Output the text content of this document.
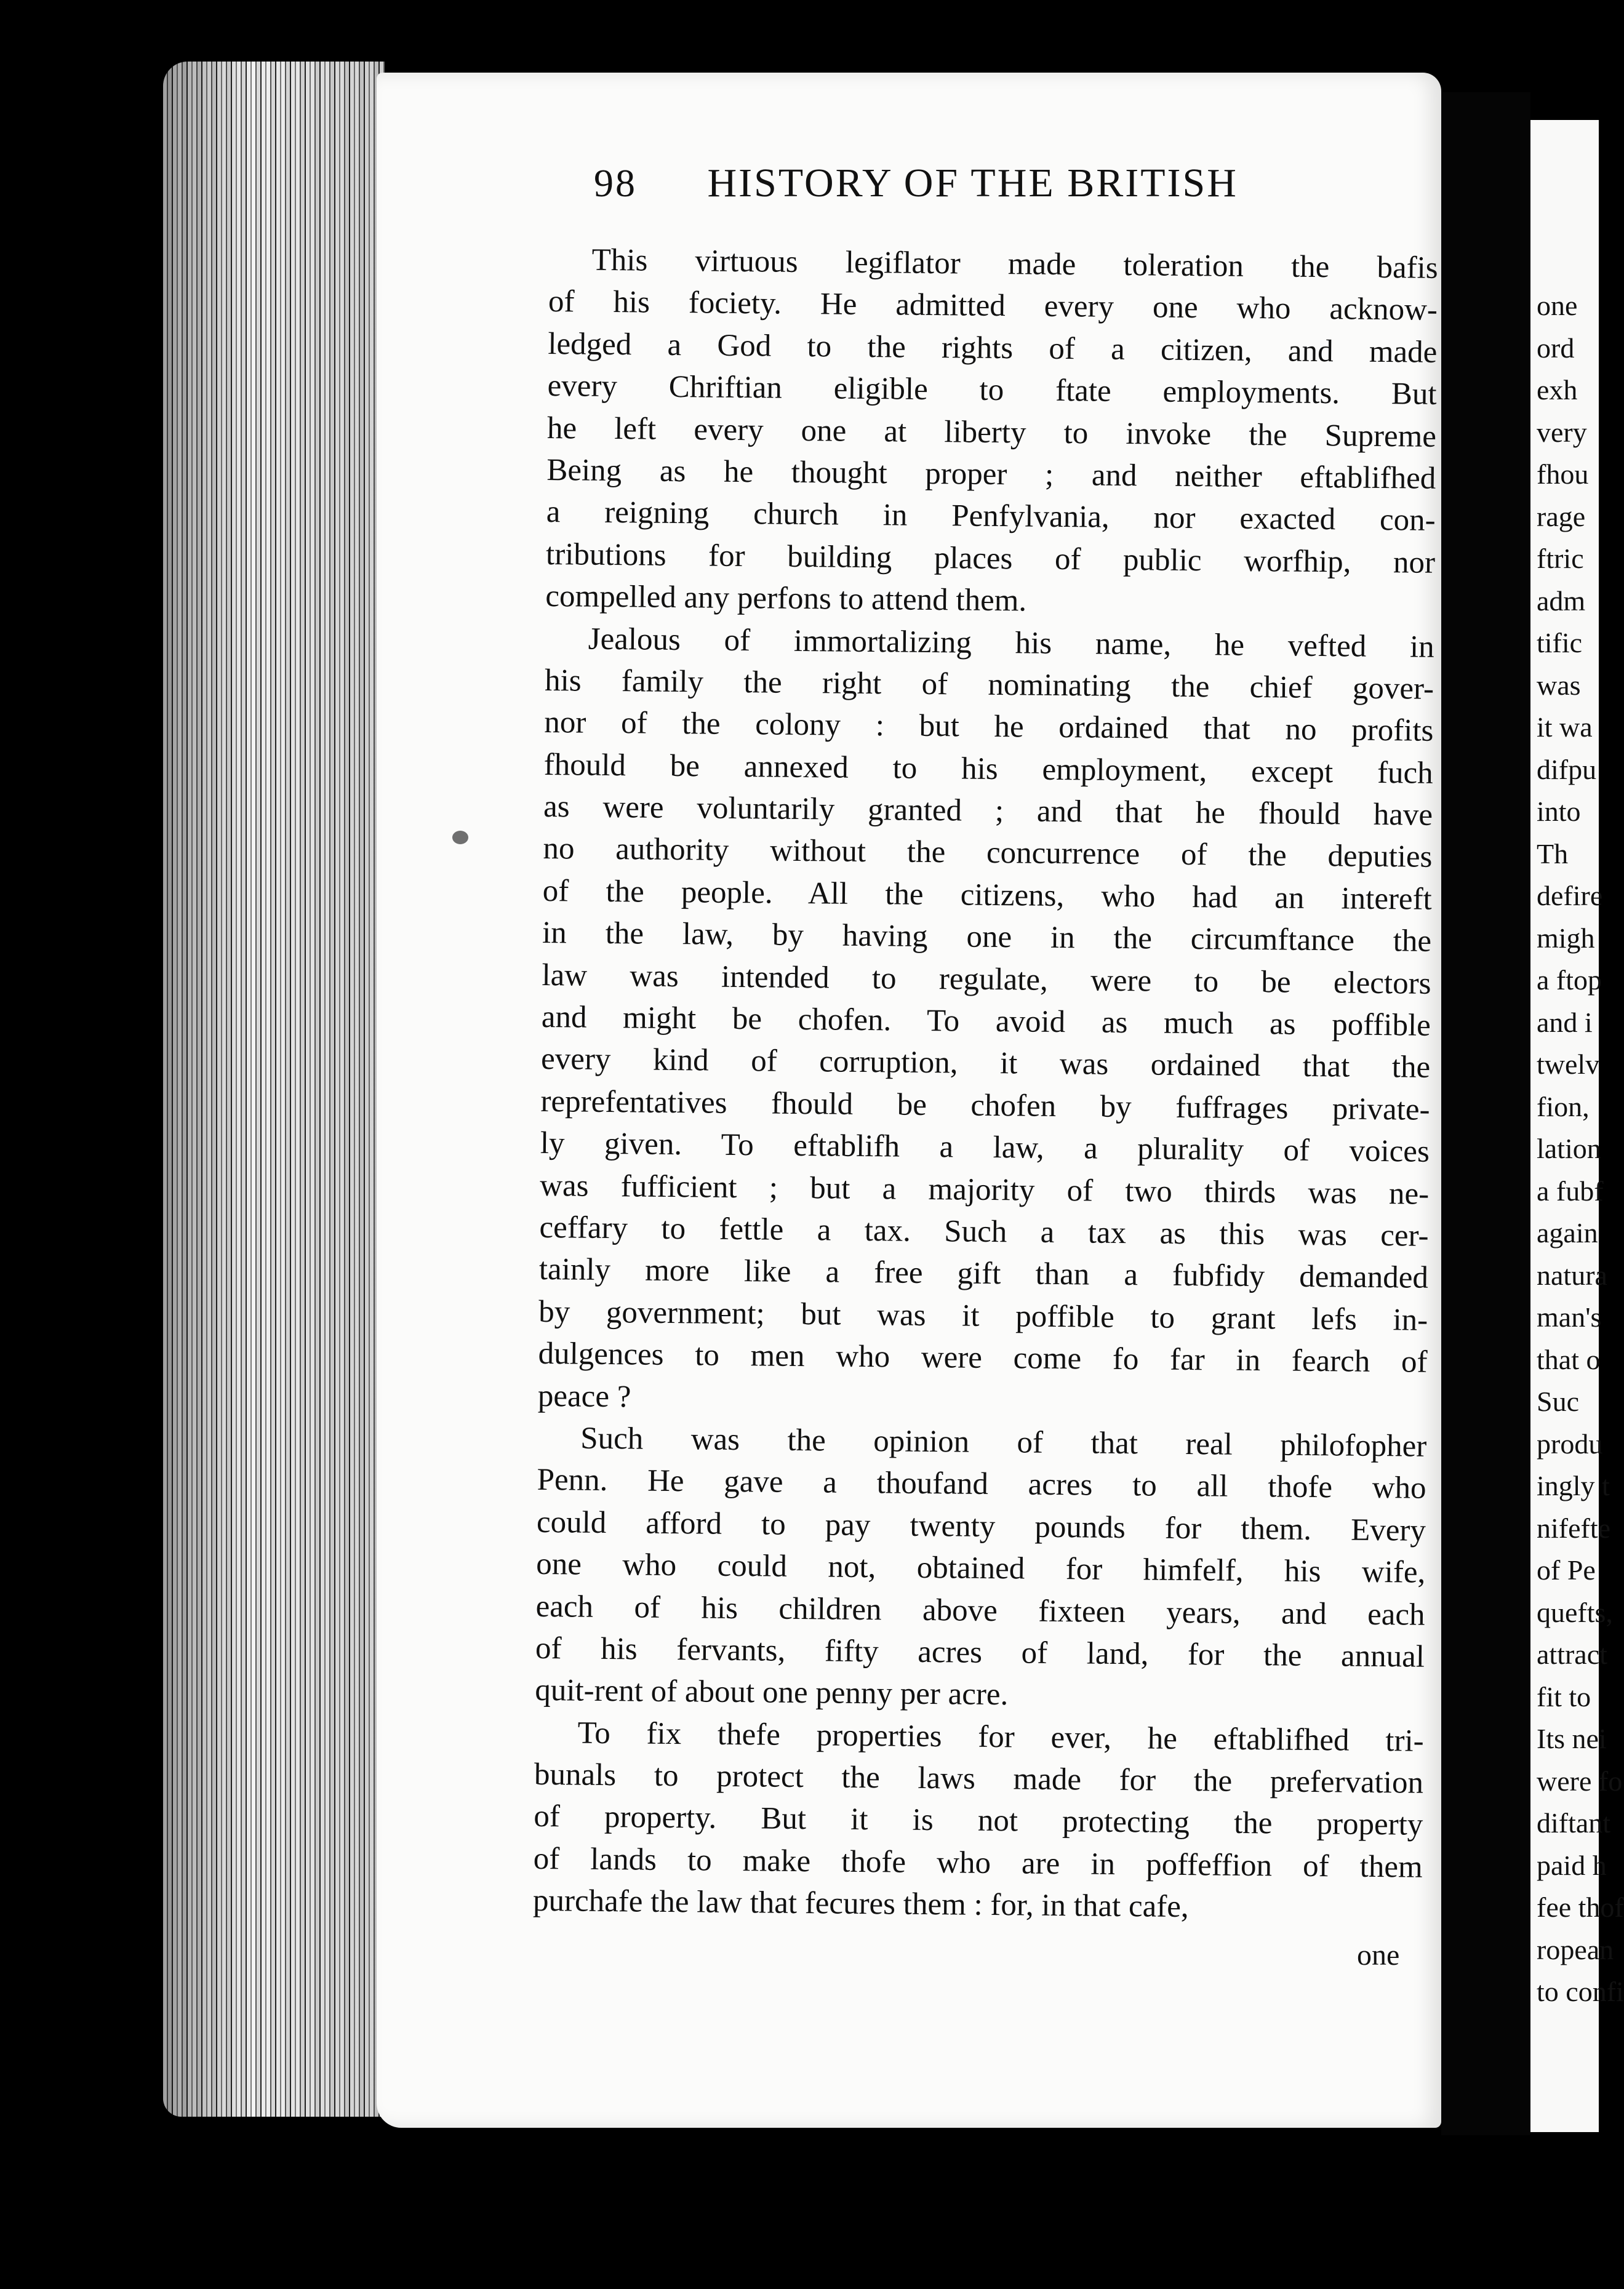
one
ord
exh
very
fhou
rage
ftric
adm
tific
was
it wa
difpu
into
Th
defire
migh
a ftop
and i
twelv
fion,
lation
a fubf
again
natura
man's
that o
Suc
produ
ingly t
nifefte
of Pe
quefts,
attract
fit to
Its nei
were fo
diftant
paid h
fee thof
ropean
to confi
98 HISTORY OF THE BRITISH
This virtuous legiflator made toleration the bafis
of his fociety. He admitted every one who acknow-
ledged a God to the rights of a citizen, and made
every Chriftian eligible to ftate employments. But
he left every one at liberty to invoke the Supreme
Being as he thought proper ; and neither eftablifhed
a reigning church in Penfylvania, nor exacted con-
tributions for building places of public worfhip, nor
compelled any perfons to attend them.
Jealous of immortalizing his name, he vefted in
his family the right of nominating the chief gover-
nor of the colony : but he ordained that no profits
fhould be annexed to his employment, except fuch
as were voluntarily granted ; and that he fhould have
no authority without the concurrence of the deputies
of the people. All the citizens, who had an intereft
in the law, by having one in the circumftance the
law was intended to regulate, were to be electors
and might be chofen. To avoid as much as poffible
every kind of corruption, it was ordained that the
reprefentatives fhould be chofen by fuffrages private-
ly given. To eftablifh a law, a plurality of voices
was fufficient ; but a majority of two thirds was ne-
ceffary to fettle a tax. Such a tax as this was cer-
tainly more like a free gift than a fubfidy demanded
by government; but was it poffible to grant lefs in-
dulgences to men who were come fo far in fearch of
peace ?
Such was the opinion of that real philofopher
Penn. He gave a thoufand acres to all thofe who
could afford to pay twenty pounds for them. Every
one who could not, obtained for himfelf, his wife,
each of his children above fixteen years, and each
of his fervants, fifty acres of land, for the annual
quit-rent of about one penny per acre.
To fix thefe properties for ever, he eftablifhed tri-
bunals to protect the laws made for the prefervation
of property. But it is not protecting the property
of lands to make thofe who are in poffeffion of them
purchafe the law that fecures them : for, in that cafe,
one
